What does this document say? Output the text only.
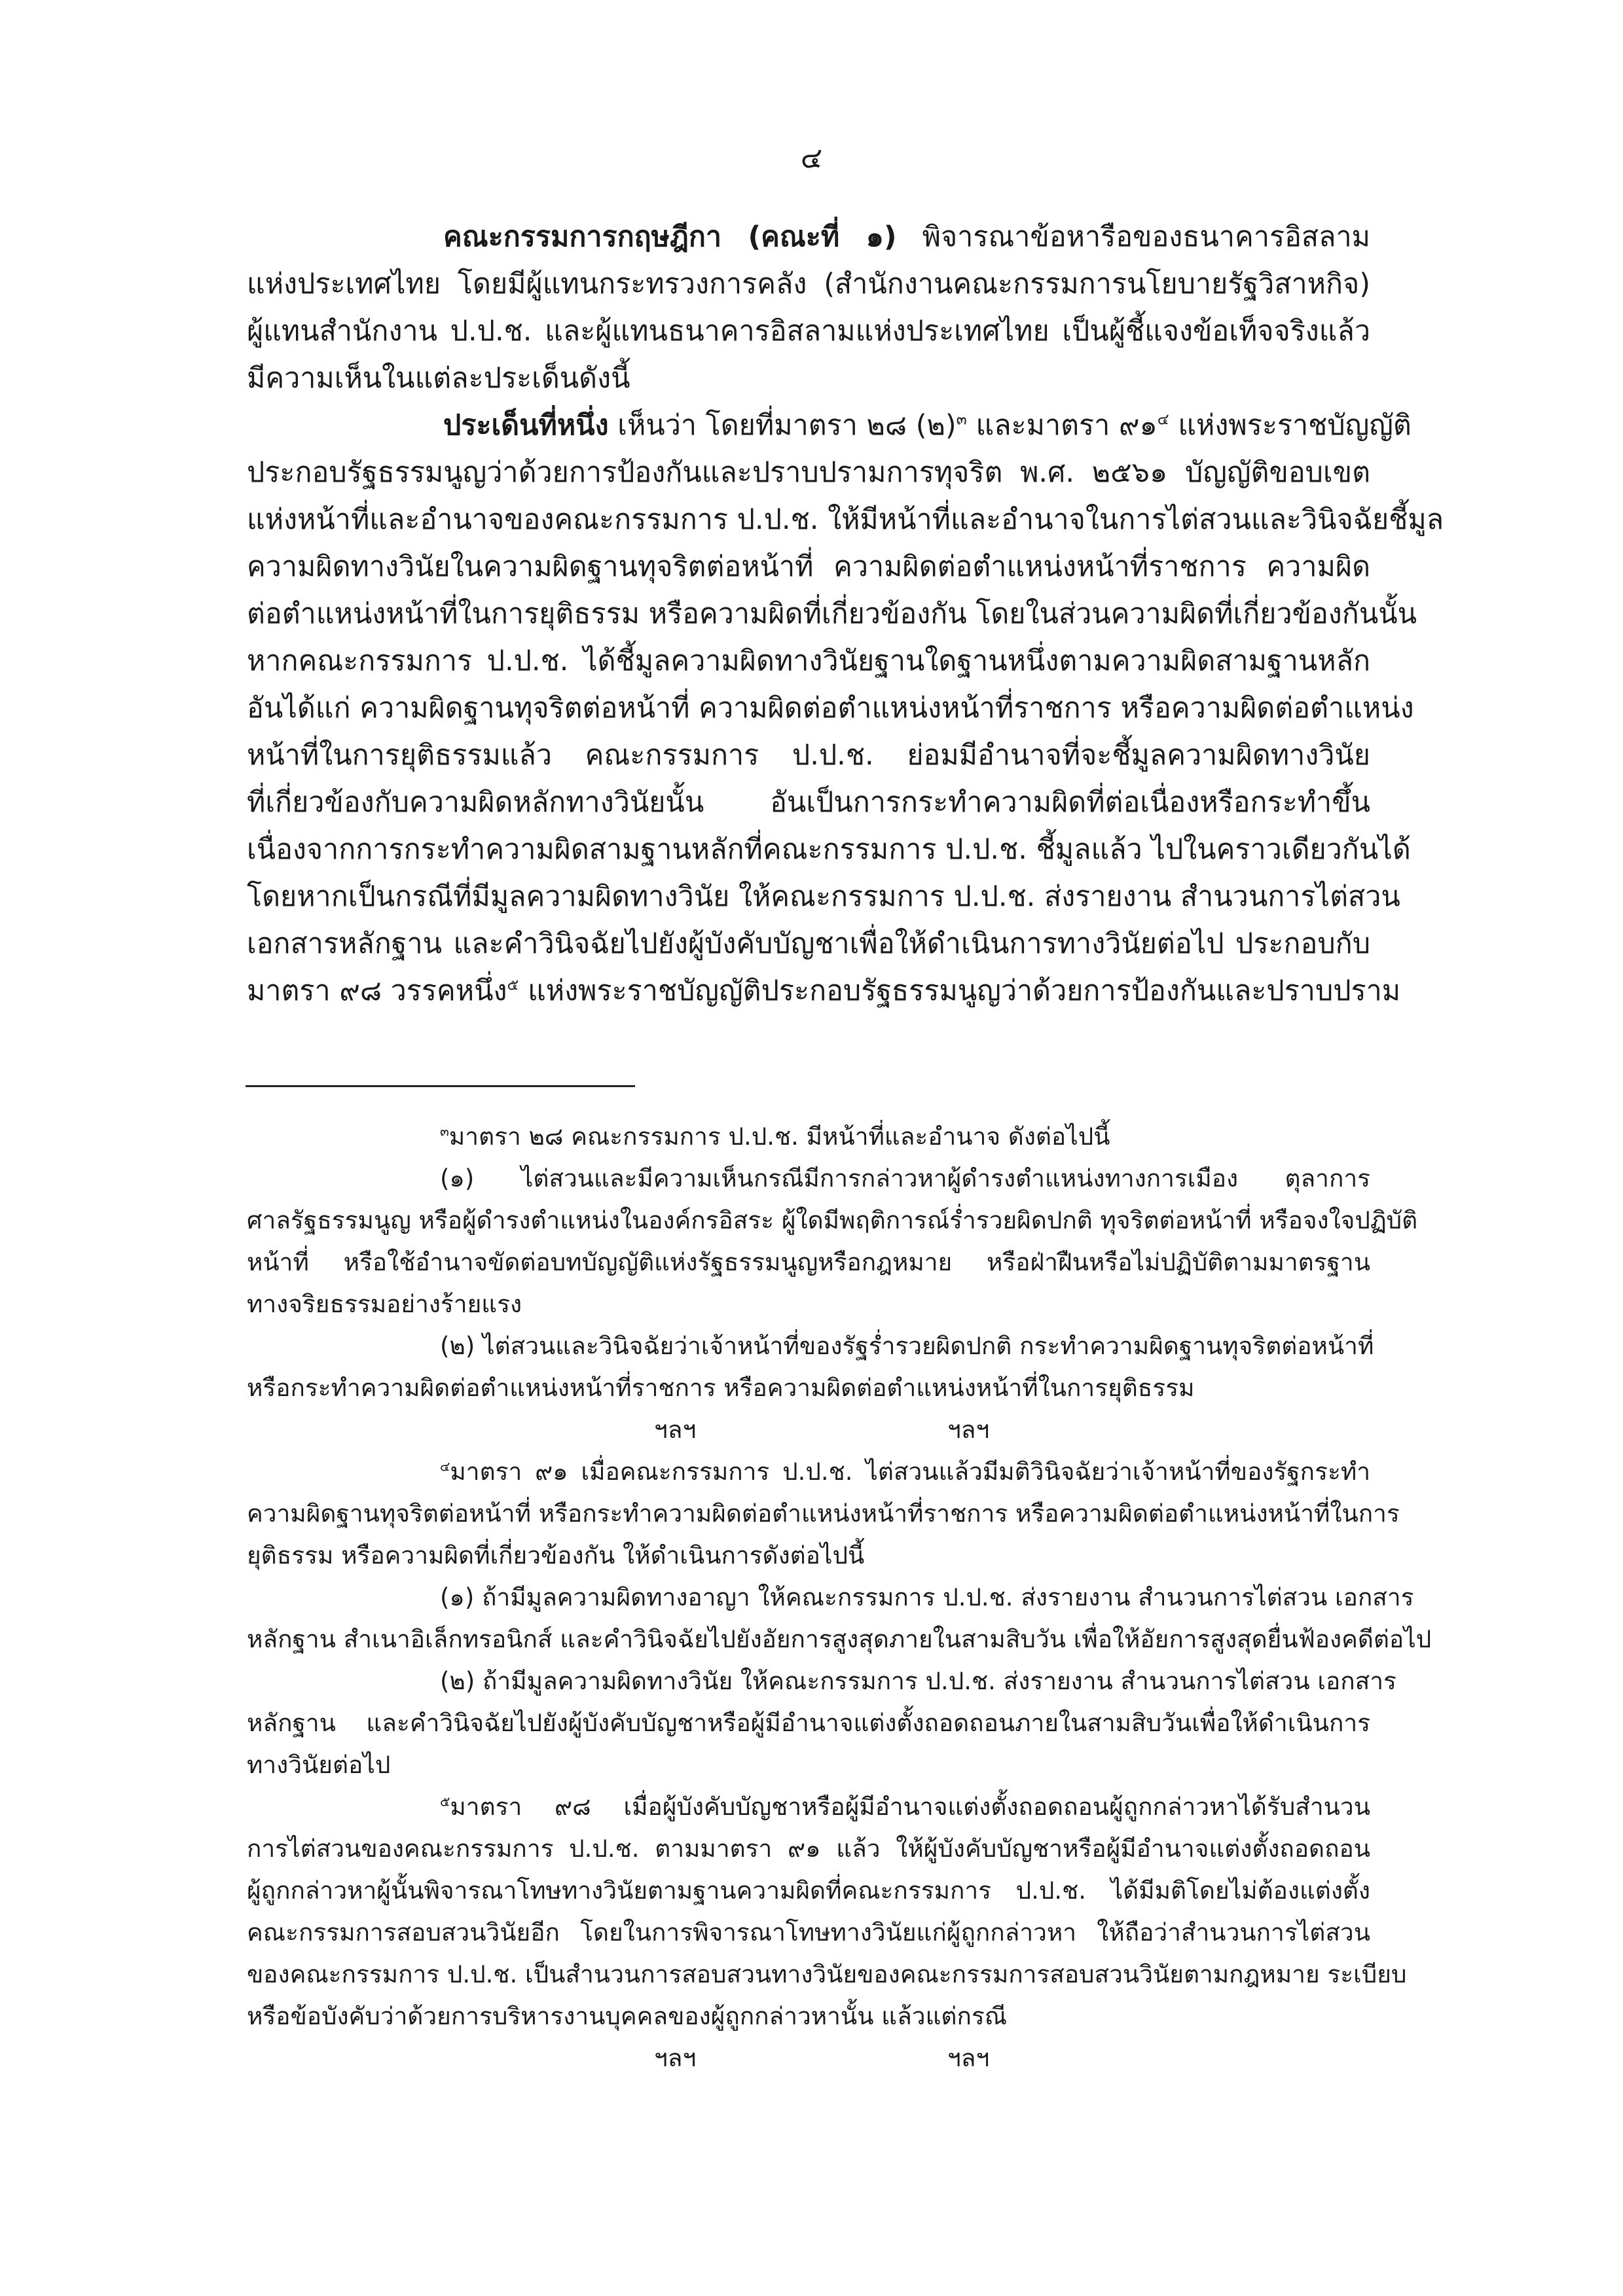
๔
คณะกรรมการกฤษฎีกา (คณะที่ ๑) พิจารณาข้อหารือของธนาคารอิสลาม
แห่งประเทศไทย โดยมีผู้แทนกระทรวงการคลัง (สำนักงานคณะกรรมการนโยบายรัฐวิสาหกิจ)
ผู้แทนสำนักงาน ป.ป.ช. และผู้แทนธนาคารอิสลามแห่งประเทศไทย เป็นผู้ชี้แจงข้อเท็จจริงแล้ว
มีความเห็นในแต่ละประเด็นดังนี้
ประเด็นที่หนึ่ง เห็นว่า โดยที่มาตรา ๒๘ (๒)$^๓$ และมาตรา ๙๑$^๔$ แห่งพระราชบัญญัติ
ประกอบรัฐธรรมนูญว่าด้วยการป้องกันและปราบปรามการทุจริต พ.ศ. ๒๕๖๑ บัญญัติขอบเขต
แห่งหน้าที่และอำนาจของคณะกรรมการ ป.ป.ช. ให้มีหน้าที่และอำนาจในการไต่สวนและวินิจฉัยชี้มูล
ความผิดทางวินัยในความผิดฐานทุจริตต่อหน้าที่ ความผิดต่อตำแหน่งหน้าที่ราชการ ความผิด
ต่อตำแหน่งหน้าที่ในการยุติธรรม หรือความผิดที่เกี่ยวข้องกัน โดยในส่วนความผิดที่เกี่ยวข้องกันนั้น
หากคณะกรรมการ ป.ป.ช. ได้ชี้มูลความผิดทางวินัยฐานใดฐานหนึ่งตามความผิดสามฐานหลัก
อันได้แก่ ความผิดฐานทุจริตต่อหน้าที่ ความผิดต่อตำแหน่งหน้าที่ราชการ หรือความผิดต่อตำแหน่ง
หน้าที่ในการยุติธรรมแล้ว คณะกรรมการ ป.ป.ช. ย่อมมีอำนาจที่จะชี้มูลความผิดทางวินัย
ที่เกี่ยวข้องกับความผิดหลักทางวินัยนั้น อันเป็นการกระทำความผิดที่ต่อเนื่องหรือกระทำขึ้น
เนื่องจากการกระทำความผิดสามฐานหลักที่คณะกรรมการ ป.ป.ช. ชี้มูลแล้ว ไปในคราวเดียวกันได้
โดยหากเป็นกรณีที่มีมูลความผิดทางวินัย ให้คณะกรรมการ ป.ป.ช. ส่งรายงาน สำนวนการไต่สวน
เอกสารหลักฐาน และคำวินิจฉัยไปยังผู้บังคับบัญชาเพื่อให้ดำเนินการทางวินัยต่อไป ประกอบกับ
มาตรา ๙๘ วรรคหนึ่ง$^๕$ แห่งพระราชบัญญัติประกอบรัฐธรรมนูญว่าด้วยการป้องกันและปราบปราม
$^๓$มาตรา ๒๘ คณะกรรมการ ป.ป.ช. มีหน้าที่และอำนาจ ดังต่อไปนี้
(๑) ไต่สวนและมีความเห็นกรณีมีการกล่าวหาผู้ดำรงตำแหน่งทางการเมือง ตุลาการ
ศาลรัฐธรรมนูญ หรือผู้ดำรงตำแหน่งในองค์กรอิสระ ผู้ใดมีพฤติการณ์ร่ำรวยผิดปกติ ทุจริตต่อหน้าที่ หรือจงใจปฏิบัติ
หน้าที่ หรือใช้อำนาจขัดต่อบทบัญญัติแห่งรัฐธรรมนูญหรือกฎหมาย หรือฝ่าฝืนหรือไม่ปฏิบัติตามมาตรฐาน
ทางจริยธรรมอย่างร้ายแรง
(๒) ไต่สวนและวินิจฉัยว่าเจ้าหน้าที่ของรัฐร่ำรวยผิดปกติ กระทำความผิดฐานทุจริตต่อหน้าที่
หรือกระทำความผิดต่อตำแหน่งหน้าที่ราชการ หรือความผิดต่อตำแหน่งหน้าที่ในการยุติธรรม
ฯลฯ	ฯลฯ
$^๔$มาตรา ๙๑ เมื่อคณะกรรมการ ป.ป.ช. ไต่สวนแล้วมีมติวินิจฉัยว่าเจ้าหน้าที่ของรัฐกระทำ
ความผิดฐานทุจริตต่อหน้าที่ หรือกระทำความผิดต่อตำแหน่งหน้าที่ราชการ หรือความผิดต่อตำแหน่งหน้าที่ในการ
ยุติธรรม หรือความผิดที่เกี่ยวข้องกัน ให้ดำเนินการดังต่อไปนี้
(๑) ถ้ามีมูลความผิดทางอาญา ให้คณะกรรมการ ป.ป.ช. ส่งรายงาน สำนวนการไต่สวน เอกสาร
หลักฐาน สำเนาอิเล็กทรอนิกส์ และคำวินิจฉัยไปยังอัยการสูงสุดภายในสามสิบวัน เพื่อให้อัยการสูงสุดยื่นฟ้องคดีต่อไป
(๒) ถ้ามีมูลความผิดทางวินัย ให้คณะกรรมการ ป.ป.ช. ส่งรายงาน สำนวนการไต่สวน เอกสาร
หลักฐาน และคำวินิจฉัยไปยังผู้บังคับบัญชาหรือผู้มีอำนาจแต่งตั้งถอดถอนภายในสามสิบวันเพื่อให้ดำเนินการ
ทางวินัยต่อไป
$^๕$มาตรา ๙๘ เมื่อผู้บังคับบัญชาหรือผู้มีอำนาจแต่งตั้งถอดถอนผู้ถูกกล่าวหาได้รับสำนวน
การไต่สวนของคณะกรรมการ ป.ป.ช. ตามมาตรา ๙๑ แล้ว ให้ผู้บังคับบัญชาหรือผู้มีอำนาจแต่งตั้งถอดถอน
ผู้ถูกกล่าวหาผู้นั้นพิจารณาโทษทางวินัยตามฐานความผิดที่คณะกรรมการ ป.ป.ช. ได้มีมติโดยไม่ต้องแต่งตั้ง
คณะกรรมการสอบสวนวินัยอีก โดยในการพิจารณาโทษทางวินัยแก่ผู้ถูกกล่าวหา ให้ถือว่าสำนวนการไต่สวน
ของคณะกรรมการ ป.ป.ช. เป็นสำนวนการสอบสวนทางวินัยของคณะกรรมการสอบสวนวินัยตามกฎหมาย ระเบียบ
หรือข้อบังคับว่าด้วยการบริหารงานบุคคลของผู้ถูกกล่าวหานั้น แล้วแต่กรณี
ฯลฯ	ฯลฯ
